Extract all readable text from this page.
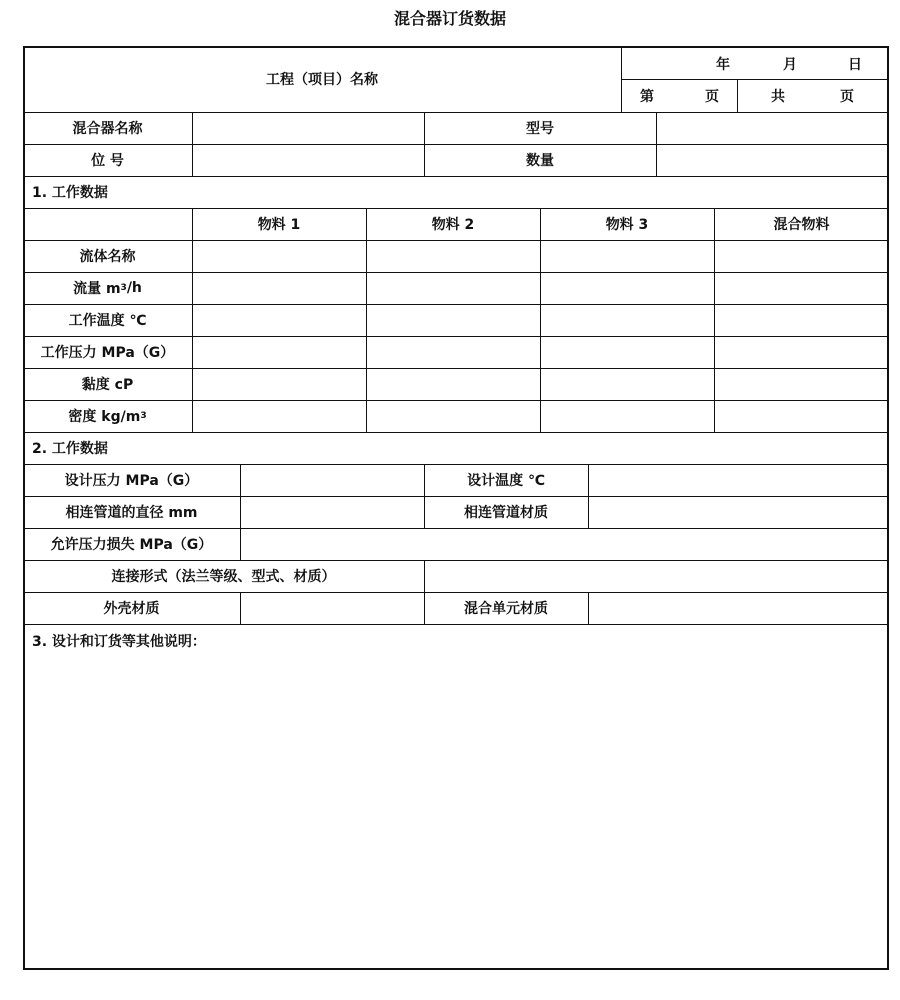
混合器订货数据
工程（项目）名称
年	月	日
第	页	共	页
混合器名称	型号
位 号	数量
1. 工作数据
物料 1	物料 2	物料 3	混合物料
流体名称
流量 m 3 /h
工作温度 ℃
工作压力 MPa（G）
黏度 cP
密度 kg/m 3
2. 工作数据
设计压力 MPa（G）	设计温度 ℃
相连管道的直径 mm	相连管道材质
允许压力损失 MPa（G）
连接形式（法兰等级、型式、材质）
外壳材质	混合单元材质
3. 设计和订货等其他说明：
